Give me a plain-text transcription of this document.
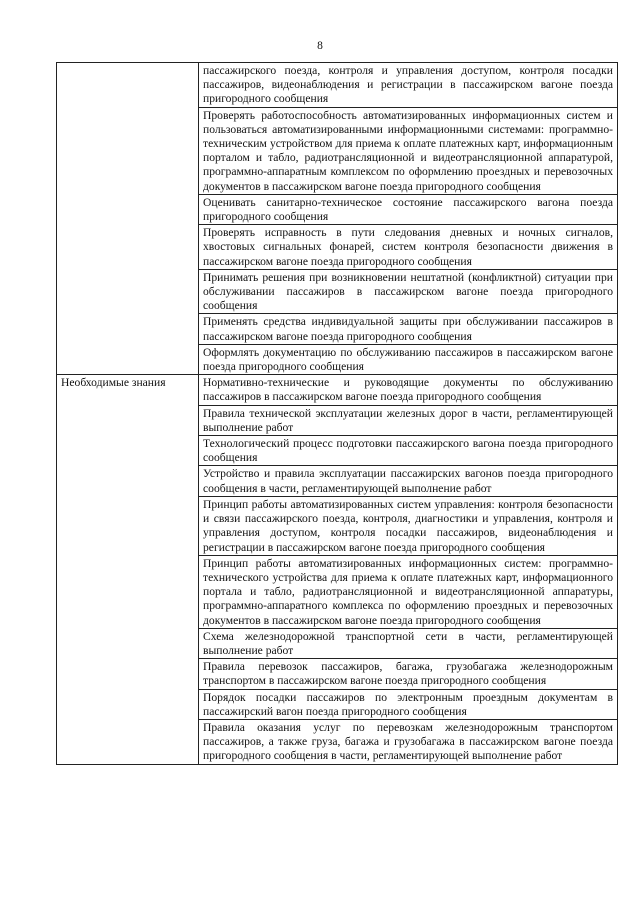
8

	пассажирского поезда, контроля и управления доступом, контроля посадки пассажиров, видеонаблюдения и регистрации в пассажирском вагоне поезда пригородного сообщения

	Проверять работоспособность автоматизированных информационных систем и пользоваться автоматизированными информационными системами: программно-техническим устройством для приема к оплате платежных карт, информационным порталом и табло, радиотрансляционной и видеотрансляционной аппаратурой, программно-аппаратным комплексом по оформлению проездных и перевозочных документов в пассажирском вагоне поезда пригородного сообщения

	Оценивать санитарно-техническое состояние пассажирского вагона поезда пригородного сообщения

	Проверять исправность в пути следования дневных и ночных сигналов, хвостовых сигнальных фонарей, систем контроля безопасности движения в пассажирском вагоне поезда пригородного сообщения

	Принимать решения при возникновении нештатной (конфликтной) ситуации при обслуживании пассажиров в пассажирском вагоне поезда пригородного сообщения

	Применять средства индивидуальной защиты при обслуживании пассажиров в пассажирском вагоне поезда пригородного сообщения

	Оформлять документацию по обслуживанию пассажиров в пассажирском вагоне поезда пригородного сообщения

Необходимые знания	Нормативно-технические и руководящие документы по обслуживанию пассажиров в пассажирском вагоне поезда пригородного сообщения

	Правила технической эксплуатации железных дорог в части, регламентирующей выполнение работ

	Технологический процесс подготовки пассажирского вагона поезда пригородного сообщения

	Устройство и правила эксплуатации пассажирских вагонов поезда пригородного сообщения в части, регламентирующей выполнение работ

	Принцип работы автоматизированных систем управления: контроля безопасности и связи пассажирского поезда, контроля, диагностики и управления, контроля и управления доступом, контроля посадки пассажиров, видеонаблюдения и регистрации в пассажирском вагоне поезда пригородного сообщения

	Принцип работы автоматизированных информационных систем: программно-технического устройства для приема к оплате платежных карт, информационного портала и табло, радиотрансляционной и видеотрансляционной аппаратуры, программно-аппаратного комплекса по оформлению проездных и перевозочных документов в пассажирском вагоне поезда пригородного сообщения

	Схема железнодорожной транспортной сети в части, регламентирующей выполнение работ

	Правила перевозок пассажиров, багажа, грузобагажа железнодорожным транспортом в пассажирском вагоне поезда пригородного сообщения

	Порядок посадки пассажиров по электронным проездным документам в пассажирский вагон поезда пригородного сообщения

	Правила оказания услуг по перевозкам железнодорожным транспортом пассажиров, а также груза, багажа и грузобагажа в пассажирском вагоне поезда пригородного сообщения в части, регламентирующей выполнение работ
